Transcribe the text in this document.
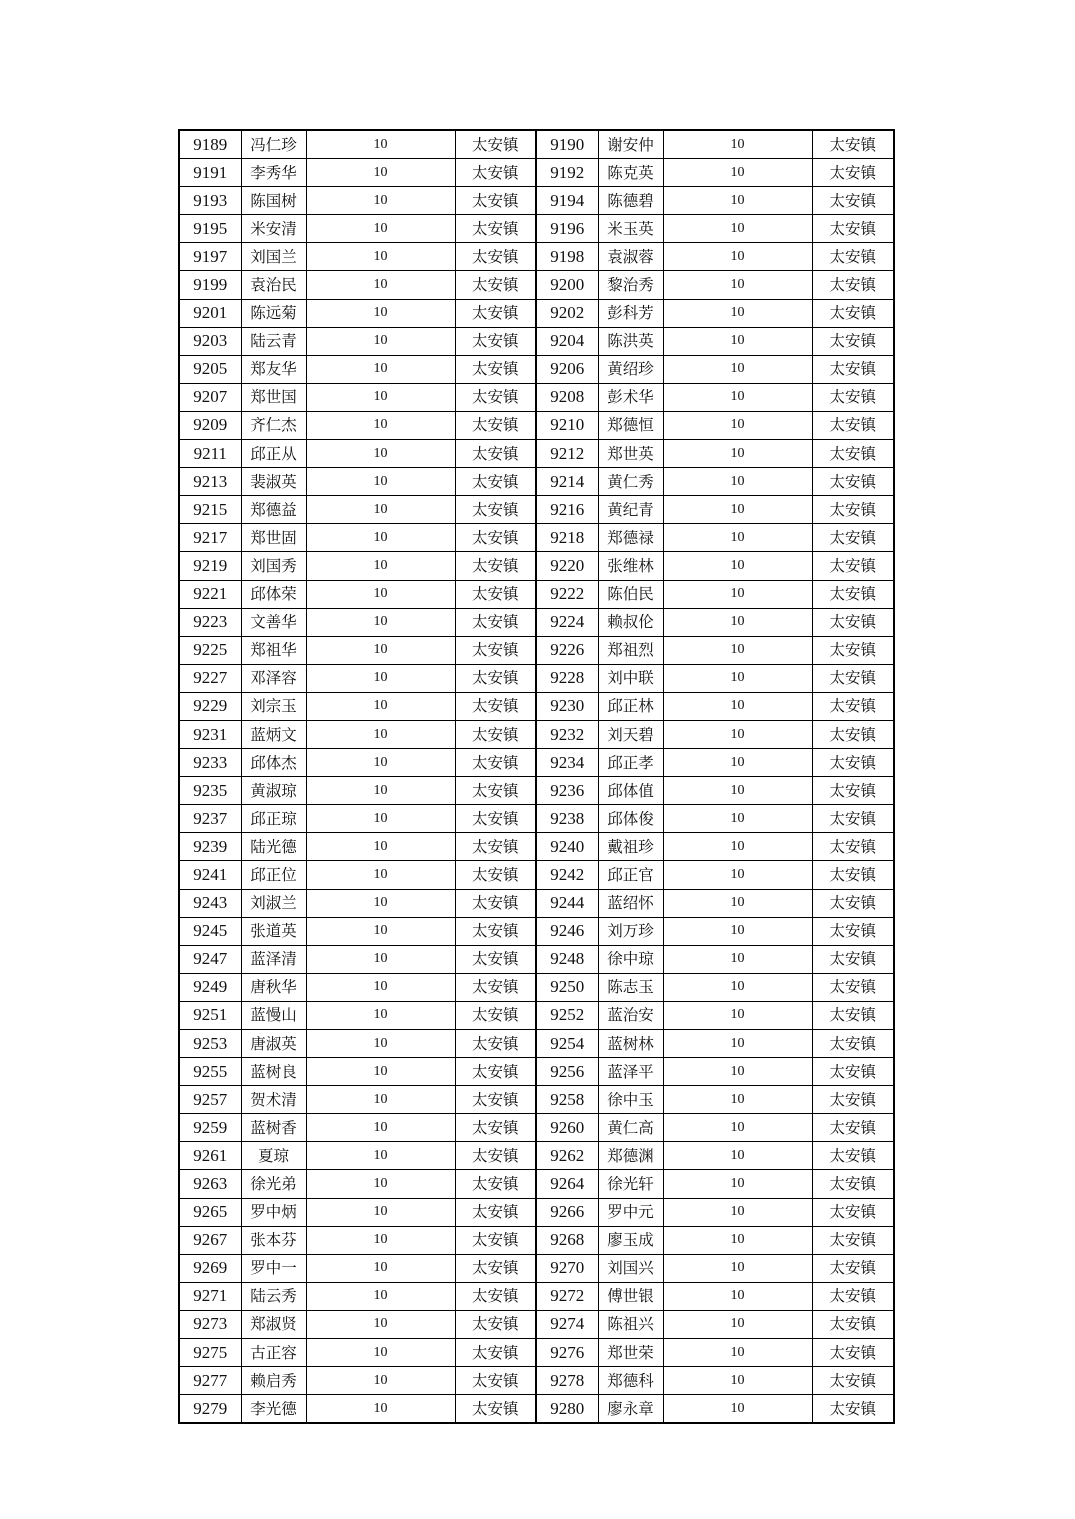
9189	冯仁珍	10	太安镇	9190	谢安仲	10	太安镇
9191	李秀华	10	太安镇	9192	陈克英	10	太安镇
9193	陈国树	10	太安镇	9194	陈德碧	10	太安镇
9195	米安清	10	太安镇	9196	米玉英	10	太安镇
9197	刘国兰	10	太安镇	9198	袁淑蓉	10	太安镇
9199	袁治民	10	太安镇	9200	黎治秀	10	太安镇
9201	陈远菊	10	太安镇	9202	彭科芳	10	太安镇
9203	陆云青	10	太安镇	9204	陈洪英	10	太安镇
9205	郑友华	10	太安镇	9206	黄绍珍	10	太安镇
9207	郑世国	10	太安镇	9208	彭术华	10	太安镇
9209	齐仁杰	10	太安镇	9210	郑德恒	10	太安镇
9211	邱正从	10	太安镇	9212	郑世英	10	太安镇
9213	裴淑英	10	太安镇	9214	黄仁秀	10	太安镇
9215	郑德益	10	太安镇	9216	黄纪青	10	太安镇
9217	郑世固	10	太安镇	9218	郑德禄	10	太安镇
9219	刘国秀	10	太安镇	9220	张维林	10	太安镇
9221	邱体荣	10	太安镇	9222	陈伯民	10	太安镇
9223	文善华	10	太安镇	9224	赖叔伦	10	太安镇
9225	郑祖华	10	太安镇	9226	郑祖烈	10	太安镇
9227	邓泽容	10	太安镇	9228	刘中联	10	太安镇
9229	刘宗玉	10	太安镇	9230	邱正林	10	太安镇
9231	蓝炳文	10	太安镇	9232	刘天碧	10	太安镇
9233	邱体杰	10	太安镇	9234	邱正孝	10	太安镇
9235	黄淑琼	10	太安镇	9236	邱体值	10	太安镇
9237	邱正琼	10	太安镇	9238	邱体俊	10	太安镇
9239	陆光德	10	太安镇	9240	戴祖珍	10	太安镇
9241	邱正位	10	太安镇	9242	邱正官	10	太安镇
9243	刘淑兰	10	太安镇	9244	蓝绍怀	10	太安镇
9245	张道英	10	太安镇	9246	刘万珍	10	太安镇
9247	蓝泽清	10	太安镇	9248	徐中琼	10	太安镇
9249	唐秋华	10	太安镇	9250	陈志玉	10	太安镇
9251	蓝慢山	10	太安镇	9252	蓝治安	10	太安镇
9253	唐淑英	10	太安镇	9254	蓝树林	10	太安镇
9255	蓝树良	10	太安镇	9256	蓝泽平	10	太安镇
9257	贺术清	10	太安镇	9258	徐中玉	10	太安镇
9259	蓝树香	10	太安镇	9260	黄仁高	10	太安镇
9261	夏琼	10	太安镇	9262	郑德渊	10	太安镇
9263	徐光弟	10	太安镇	9264	徐光轩	10	太安镇
9265	罗中炳	10	太安镇	9266	罗中元	10	太安镇
9267	张本芬	10	太安镇	9268	廖玉成	10	太安镇
9269	罗中一	10	太安镇	9270	刘国兴	10	太安镇
9271	陆云秀	10	太安镇	9272	傅世银	10	太安镇
9273	郑淑贤	10	太安镇	9274	陈祖兴	10	太安镇
9275	古正容	10	太安镇	9276	郑世荣	10	太安镇
9277	赖启秀	10	太安镇	9278	郑德科	10	太安镇
9279	李光德	10	太安镇	9280	廖永章	10	太安镇
